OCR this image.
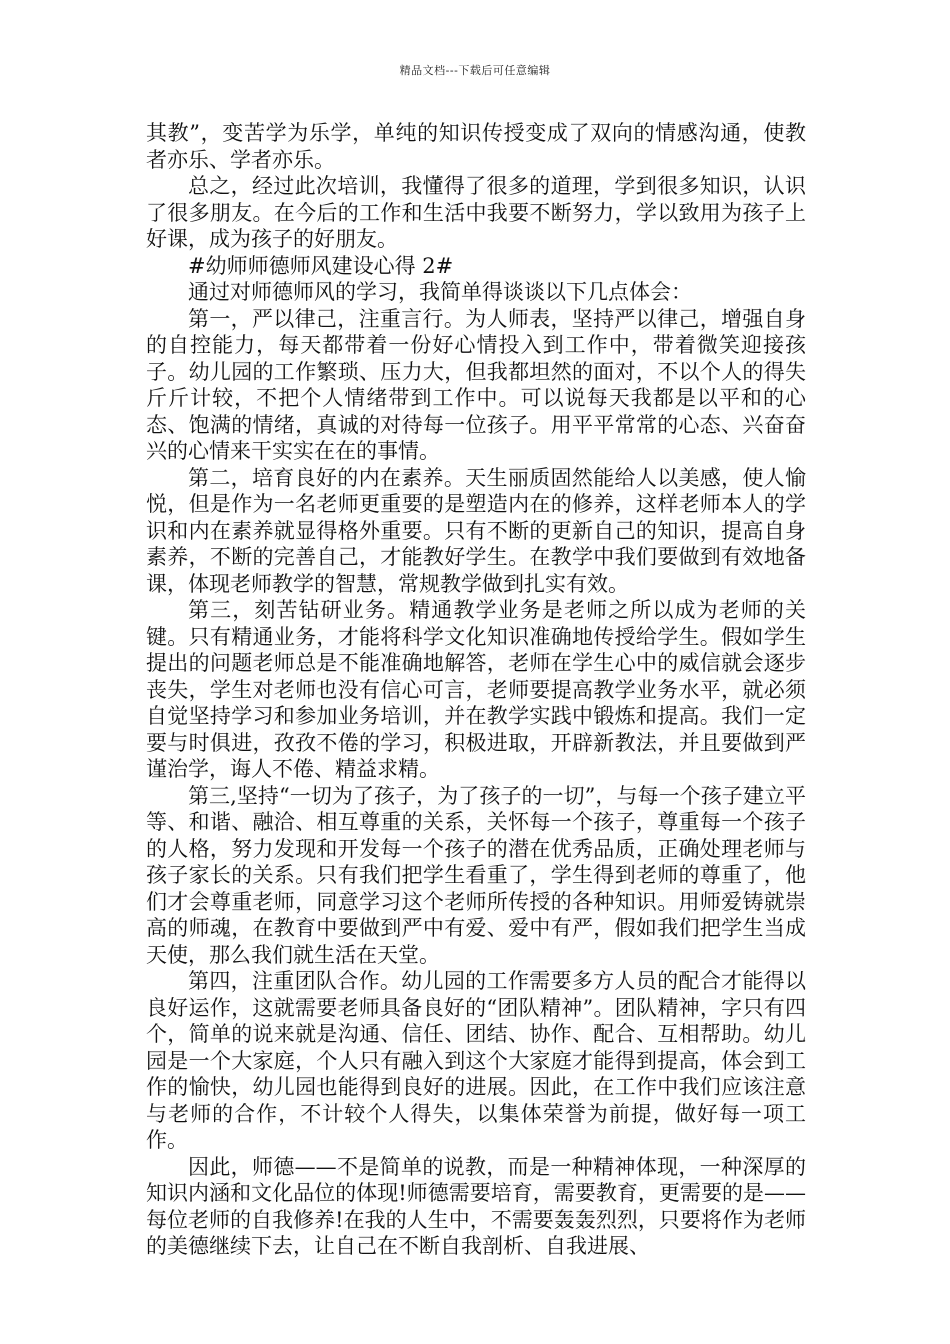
精品文档---下载后可任意编辑

其教”，变苦学为乐学，单纯的知识传授变成了双向的情感沟通，使教者亦乐、学者亦乐。

总之，经过此次培训，我懂得了很多的道理，学到很多知识，认识了很多朋友。在今后的工作和生活中我要不断努力，学以致用为孩子上好课，成为孩子的好朋友。

#幼师师德师风建设心得 2#

通过对师德师风的学习，我简单得谈谈以下几点体会：

第一，严以律己，注重言行。为人师表，坚持严以律己，增强自身的自控能力，每天都带着一份好心情投入到工作中，带着微笑迎接孩子。幼儿园的工作繁琐、压力大，但我都坦然的面对，不以个人的得失斤斤计较，不把个人情绪带到工作中。可以说每天我都是以平和的心态、饱满的情绪，真诚的对待每一位孩子。用平平常常的心态、兴奋奋兴的心情来干实实在在的事情。

第二，培育良好的内在素养。天生丽质固然能给人以美感，使人愉悦，但是作为一名老师更重要的是塑造内在的修养，这样老师本人的学识和内在素养就显得格外重要。只有不断的更新自己的知识，提高自身素养，不断的完善自己，才能教好学生。在教学中我们要做到有效地备课，体现老师教学的智慧，常规教学做到扎实有效。

第三，刻苦钻研业务。精通教学业务是老师之所以成为老师的关键。只有精通业务，才能将科学文化知识准确地传授给学生。假如学生提出的问题老师总是不能准确地解答，老师在学生心中的威信就会逐步丧失，学生对老师也没有信心可言，老师要提高教学业务水平，就必须自觉坚持学习和参加业务培训，并在教学实践中锻炼和提高。我们一定要与时俱进，孜孜不倦的学习，积极进取，开辟新教法，并且要做到严谨治学，诲人不倦、精益求精。

第三,坚持“一切为了孩子，为了孩子的一切”，与每一个孩子建立平等、和谐、融洽、相互尊重的关系，关怀每一个孩子，尊重每一个孩子的人格，努力发现和开发每一个孩子的潜在优秀品质，正确处理老师与孩子家长的关系。只有我们把学生看重了，学生得到老师的尊重了，他们才会尊重老师，同意学习这个老师所传授的各种知识。用师爱铸就崇高的师魂，在教育中要做到严中有爱、爱中有严，假如我们把学生当成天使，那么我们就生活在天堂。

第四，注重团队合作。幼儿园的工作需要多方人员的配合才能得以良好运作，这就需要老师具备良好的“团队精神”。团队精神，字只有四个，简单的说来就是沟通、信任、团结、协作、配合、互相帮助。幼儿园是一个大家庭，个人只有融入到这个大家庭才能得到提高，体会到工作的愉快，幼儿园也能得到良好的进展。因此，在工作中我们应该注意与老师的合作，不计较个人得失，以集体荣誉为前提，做好每一项工作。

因此，师德——不是简单的说教，而是一种精神体现，一种深厚的知识内涵和文化品位的体现!师德需要培育，需要教育，更需要的是——每位老师的自我修养!在我的人生中，不需要轰轰烈烈，只要将作为老师的美德继续下去，让自己在不断自我剖析、自我进展、
